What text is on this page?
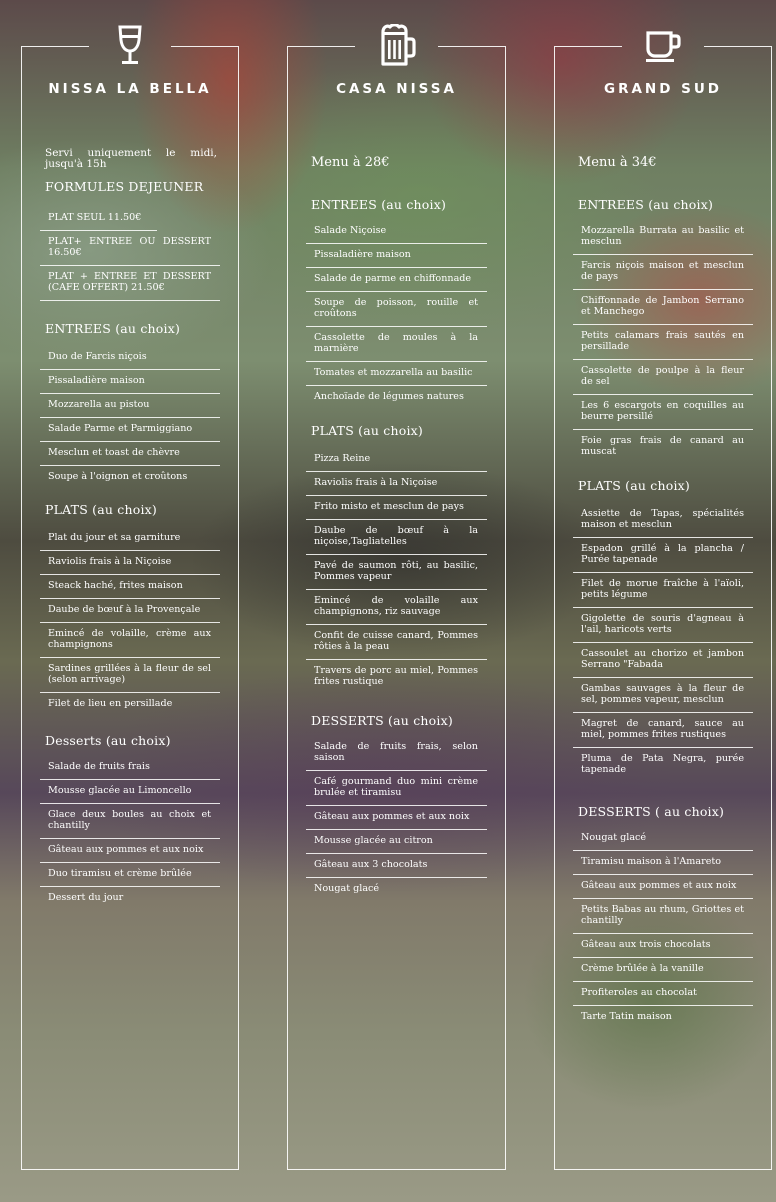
NISSA LA BELLA
Servi uniquement le midi, jusqu'à 15h
FORMULES DEJEUNER
PLAT SEUL 11.50€
PLAT+ ENTREE OU DESSERT 16.50€
PLAT + ENTREE ET DESSERT (CAFE OFFERT) 21.50€
ENTREES (au choix)
Duo de Farcis niçois
Pissaladière maison
Mozzarella au pistou
Salade Parme et Parmiggiano
Mesclun et toast de chèvre
Soupe à l'oignon et croûtons
PLATS (au choix)
Plat du jour et sa garniture
Raviolis frais à la Niçoise
Steack haché, frites maison
Daube de bœuf à la Provençale
Emincé de volaille, crème aux champignons
Sardines grillées à la fleur de sel (selon arrivage)
Filet de lieu en persillade
Desserts (au choix)
Salade de fruits frais
Mousse glacée au Limoncello
Glace deux boules au choix et chantilly
Gâteau aux pommes et aux noix
Duo tiramisu et crème brûlée
Dessert du jour
CASA NISSA
Menu à 28€
ENTREES (au choix)
Salade Niçoise
Pissaladière maison
Salade de parme en chiffonnade
Soupe de poisson, rouille et croûtons
Cassolette de moules à la marnière
Tomates et mozzarella au basilic
Anchoïade de légumes natures
PLATS (au choix)
Pizza Reine
Raviolis frais à la Niçoise
Frito misto et mesclun de pays
Daube de bœuf à la niçoise,Tagliatelles
Pavé de saumon rôti, au basilic, Pommes vapeur
Emincé de volaille aux champignons, riz sauvage
Confit de cuisse canard, Pommes rôties à la peau
Travers de porc au miel, Pommes frites rustique
DESSERTS (au choix)
Salade de fruits frais, selon saison
Café gourmand duo mini crème brulée et tiramisu
Gâteau aux pommes et aux noix
Mousse glacée au citron
Gâteau aux 3 chocolats
Nougat glacé
GRAND SUD
Menu à 34€
ENTREES (au choix)
Mozzarella Burrata au basilic et mesclun
Farcis niçois maison et mesclun de pays
Chiffonnade de Jambon Serrano et Manchego
Petits calamars frais sautés en persillade
Cassolette de poulpe à la fleur de sel
Les 6 escargots en coquilles au beurre persillé
Foie gras frais de canard au muscat
PLATS (au choix)
Assiette de Tapas, spécialités maison et mesclun
Espadon grillé à la plancha / Purée tapenade
Filet de morue fraîche à l'aïoli, petits légume
Gigolette de souris d'agneau à l'ail, haricots verts
Cassoulet au chorizo et jambon Serrano "Fabada
Gambas sauvages à la fleur de sel, pommes vapeur, mesclun
Magret de canard, sauce au miel, pommes frites rustiques
Pluma de Pata Negra, purée tapenade
DESSERTS ( au choix)
Nougat glacé
Tiramisu maison à l'Amareto
Gâteau aux pommes et aux noix
Petits Babas au rhum, Griottes et chantilly
Gâteau aux trois chocolats
Crème brûlée à la vanille
Profiteroles au chocolat
Tarte Tatin maison
